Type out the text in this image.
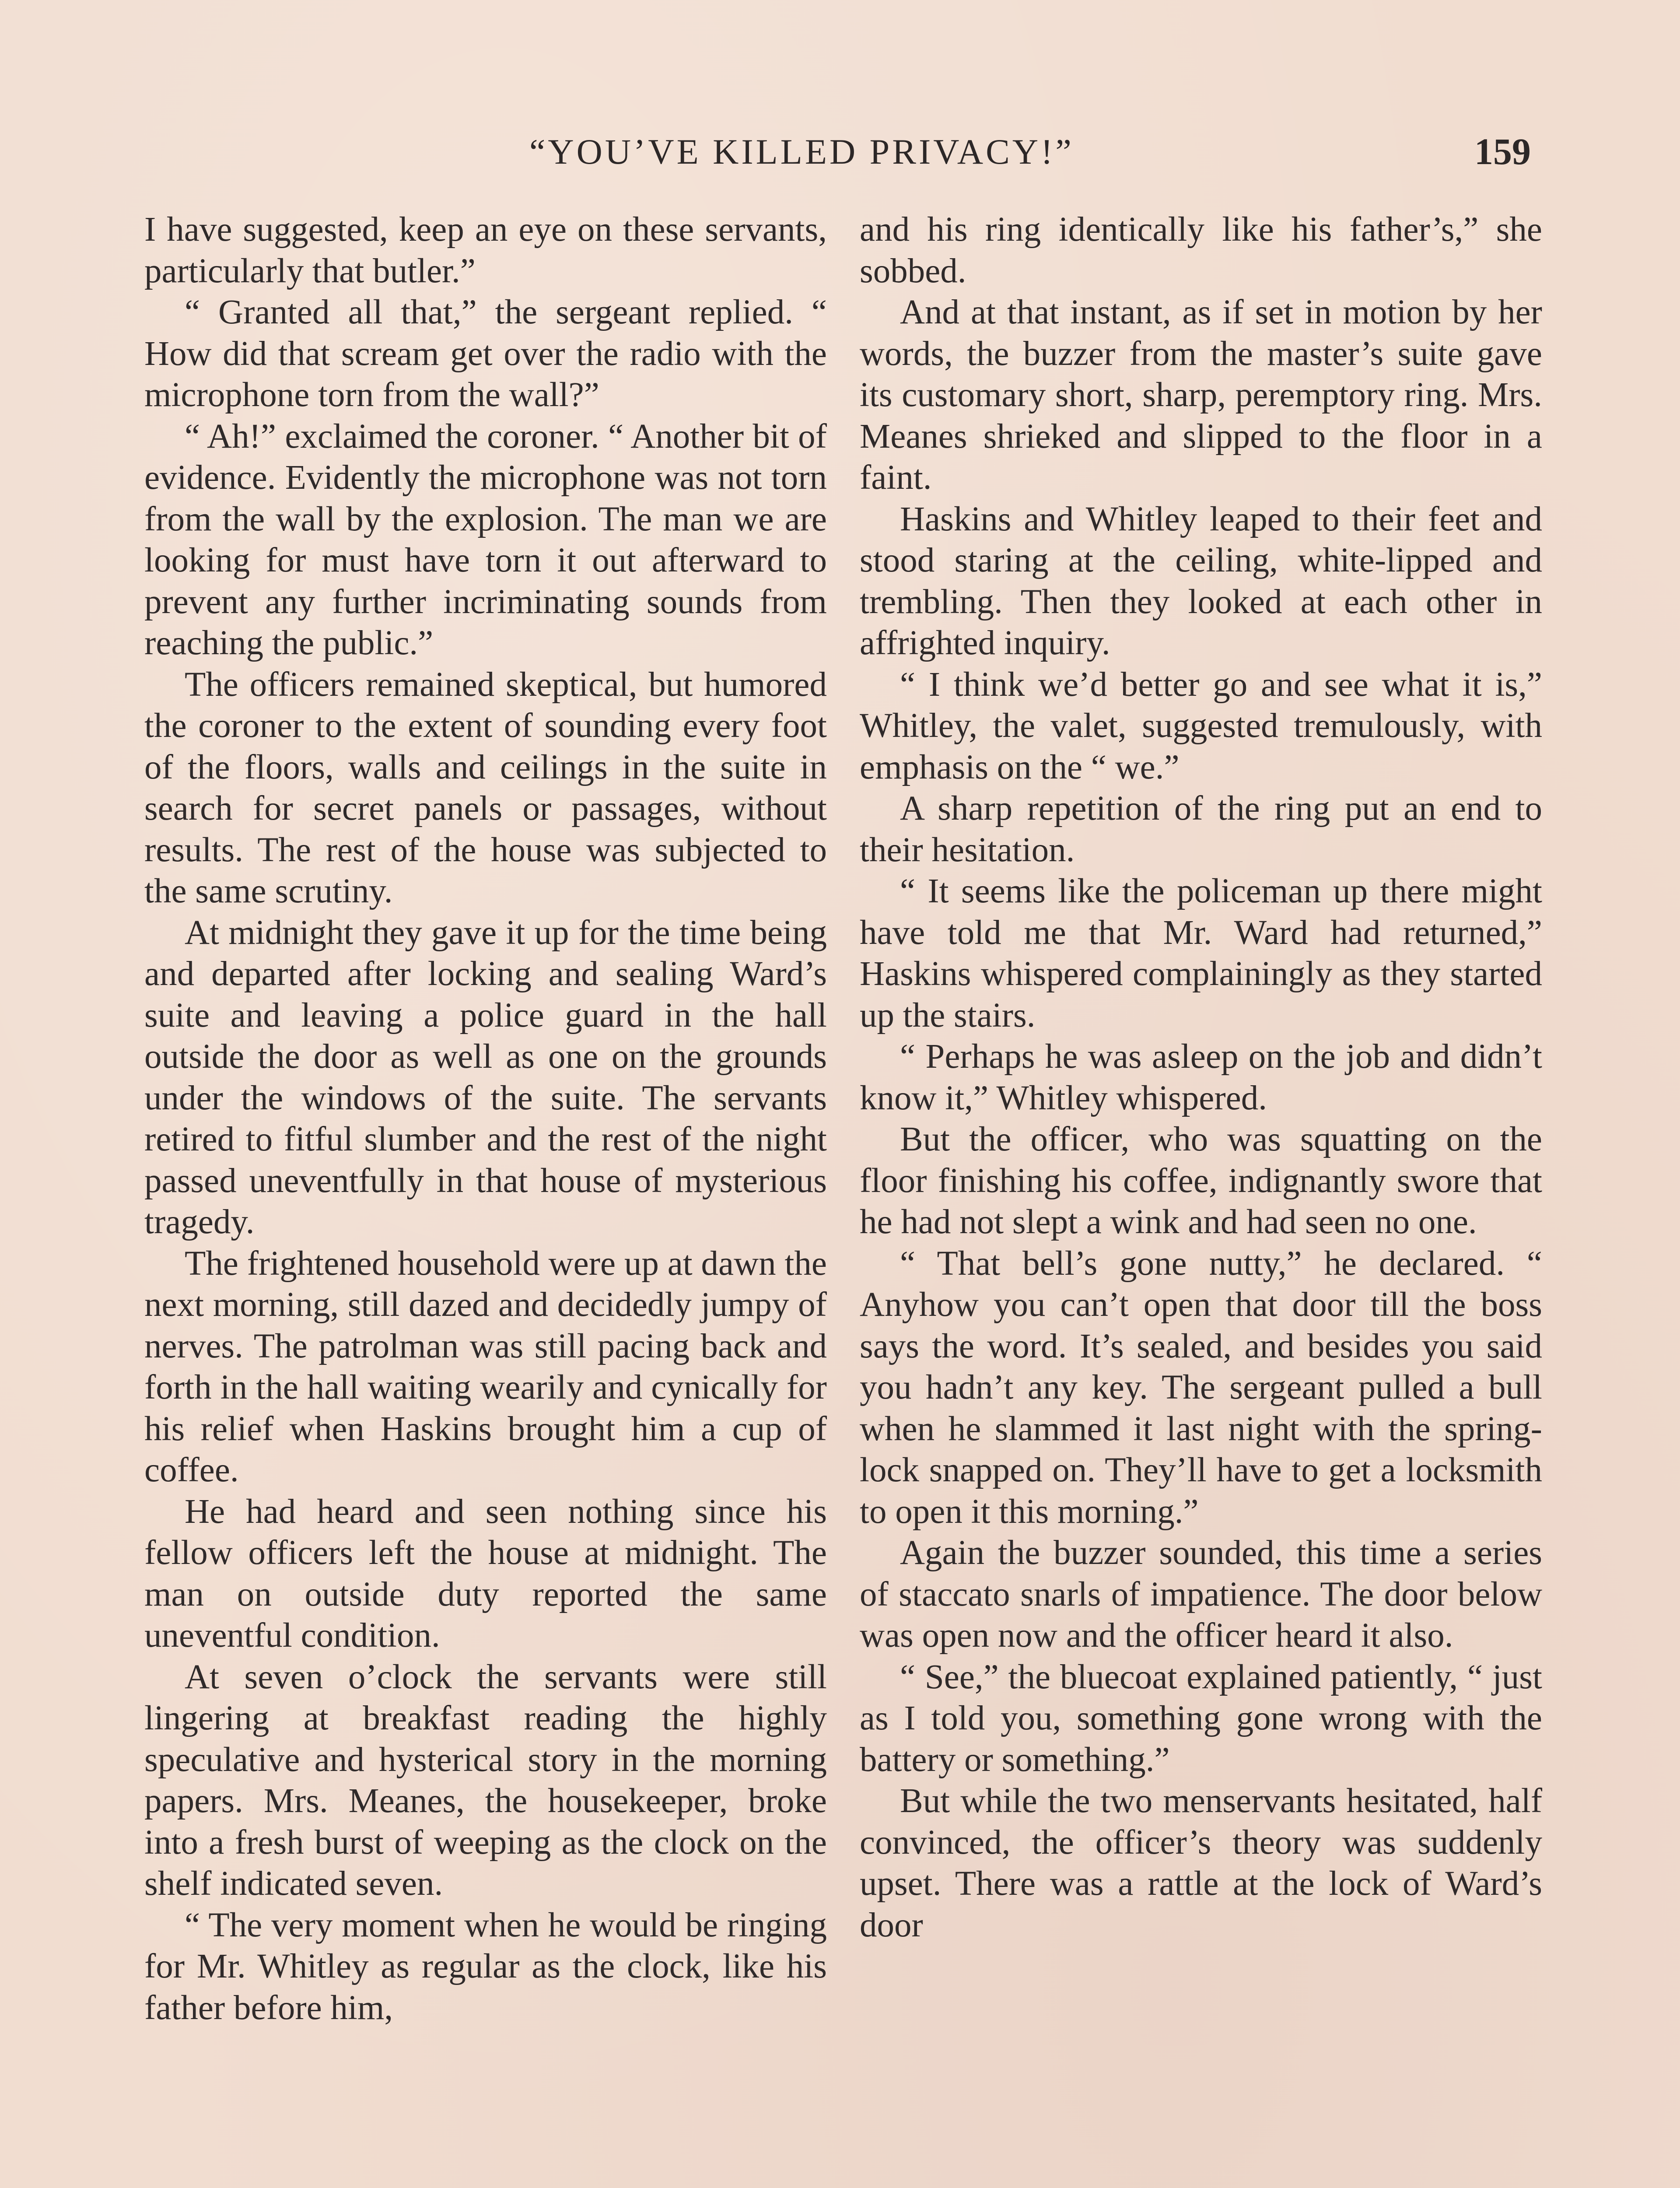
“YOU’VE KILLED PRIVACY!”	159

I have suggested, keep an eye on these servants, particularly that butler.”

“ Granted all that,” the sergeant replied. “ How did that scream get over the radio with the microphone torn from the wall?”

“ Ah!” exclaimed the coroner. “ Another bit of evidence. Evidently the microphone was not torn from the wall by the explosion. The man we are looking for must have torn it out afterward to prevent any further incriminating sounds from reaching the public.”

The officers remained skeptical, but humored the coroner to the extent of sounding every foot of the floors, walls and ceilings in the suite in search for secret panels or passages, without results. The rest of the house was subjected to the same scrutiny.

At midnight they gave it up for the time being and departed after locking and sealing Ward’s suite and leaving a police guard in the hall outside the door as well as one on the grounds under the windows of the suite. The servants retired to fitful slumber and the rest of the night passed uneventfully in that house of mysterious tragedy.

The frightened household were up at dawn the next morning, still dazed and decidedly jumpy of nerves. The patrolman was still pacing back and forth in the hall waiting wearily and cynically for his relief when Haskins brought him a cup of coffee.

He had heard and seen nothing since his fellow officers left the house at midnight. The man on outside duty reported the same uneventful condition.

At seven o’clock the servants were still lingering at breakfast reading the highly speculative and hysterical story in the morning papers. Mrs. Meanes, the housekeeper, broke into a fresh burst of weeping as the clock on the shelf indicated seven.

“ The very moment when he would be ringing for Mr. Whitley as regular as the clock, like his father before him,

and his ring identically like his father’s,” she sobbed.

And at that instant, as if set in motion by her words, the buzzer from the master’s suite gave its customary short, sharp, peremptory ring. Mrs. Meanes shrieked and slipped to the floor in a faint.

Haskins and Whitley leaped to their feet and stood staring at the ceiling, white-lipped and trembling. Then they looked at each other in affrighted inquiry.

“ I think we’d better go and see what it is,” Whitley, the valet, suggested tremulously, with emphasis on the “ we.”

A sharp repetition of the ring put an end to their hesitation.

“ It seems like the policeman up there might have told me that Mr. Ward had returned,” Haskins whispered complainingly as they started up the stairs.

“ Perhaps he was asleep on the job and didn’t know it,” Whitley whispered.

But the officer, who was squatting on the floor finishing his coffee, indignantly swore that he had not slept a wink and had seen no one.

“ That bell’s gone nutty,” he declared. “ Anyhow you can’t open that door till the boss says the word. It’s sealed, and besides you said you hadn’t any key. The sergeant pulled a bull when he slammed it last night with the spring-lock snapped on. They’ll have to get a locksmith to open it this morning.”

Again the buzzer sounded, this time a series of staccato snarls of impatience. The door below was open now and the officer heard it also.

“ See,” the bluecoat explained patiently, “ just as I told you, something gone wrong with the battery or something.”

But while the two menservants hesitated, half convinced, the officer’s theory was suddenly upset. There was a rattle at the lock of Ward’s door
